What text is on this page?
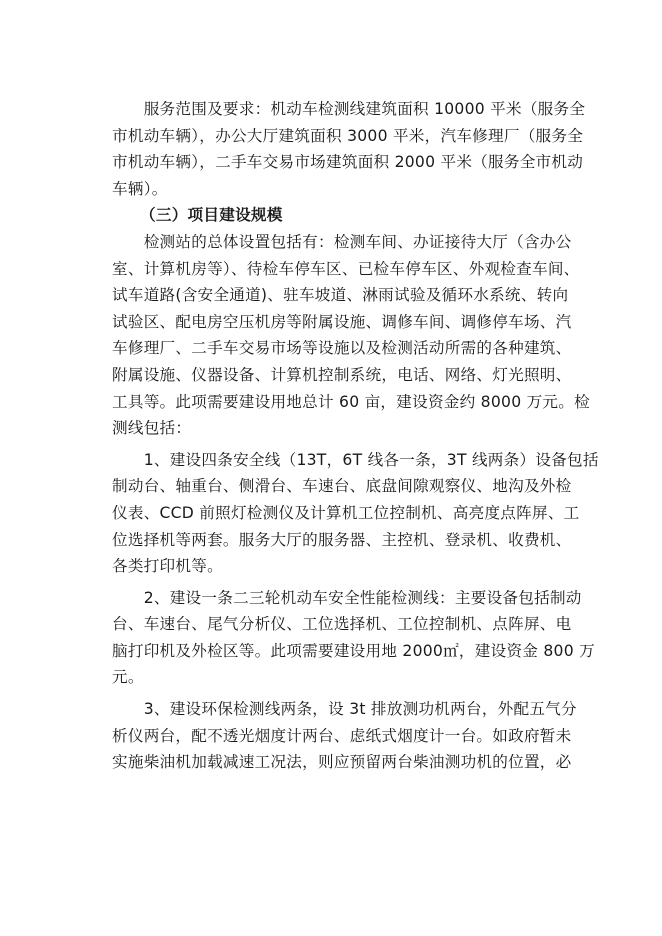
　　服务范围及要求：机动车检测线建筑面积 10000 平米（服务全
市机动车辆），办公大厅建筑面积 3000 平米，汽车修理厂（服务全
市机动车辆），二手车交易市场建筑面积 2000 平米（服务全市机动
车辆）。

（三）项目建设规模

　　检测站的总体设置包括有：检测车间、办证接待大厅（含办公
室、计算机房等）、待检车停车区、已检车停车区、外观检查车间、
试车道路(含安全通道)、驻车坡道、淋雨试验及循环水系统、转向
试验区、配电房空压机房等附属设施、调修车间、调修停车场、汽
车修理厂、二手车交易市场等设施以及检测活动所需的各种建筑、
附属设施、仪器设备、计算机控制系统，电话、网络、灯光照明、
工具等。此项需要建设用地总计 60 亩，建设资金约 8000 万元。检
测线包括：

　　1、建设四条安全线（13T，6T 线各一条，3T 线两条）设备包括
制动台、轴重台、侧滑台、车速台、底盘间隙观察仪、地沟及外检
仪表、CCD 前照灯检测仪及计算机工位控制机、高亮度点阵屏、工
位选择机等两套。服务大厅的服务器、主控机、登录机、收费机、
各类打印机等。

　　2、建设一条二三轮机动车安全性能检测线：主要设备包括制动
台、车速台、尾气分析仪、工位选择机、工位控制机、点阵屏、电
脑打印机及外检区等。此项需要建设用地 2000㎡，建设资金 800 万
元。

　　3、建设环保检测线两条，设 3t 排放测功机两台，外配五气分
析仪两台，配不透光烟度计两台、虑纸式烟度计一台。如政府暂未
实施柴油机加载减速工况法，则应预留两台柴油测功机的位置，必
